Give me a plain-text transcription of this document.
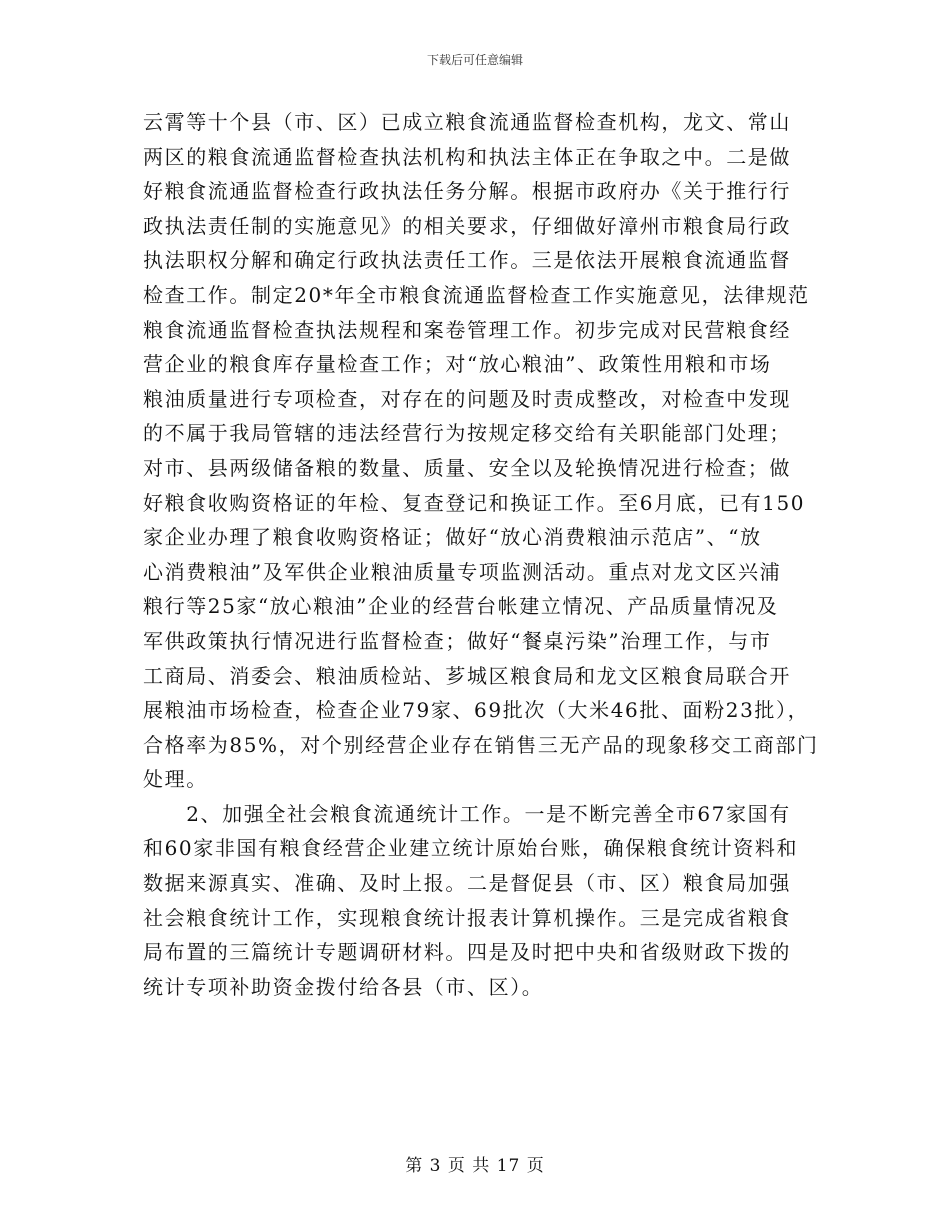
下载后可任意编辑
云霄等十个县（市、区）已成立粮食流通监督检查机构，龙文、常山
两区的粮食流通监督检查执法机构和执法主体正在争取之中。二是做
好粮食流通监督检查行政执法任务分解。根据市政府办《关于推行行
政执法责任制的实施意见》的相关要求，仔细做好漳州市粮食局行政
执法职权分解和确定行政执法责任工作。三是依法开展粮食流通监督
检查工作。制定20*年全市粮食流通监督检查工作实施意见，法律规范
粮食流通监督检查执法规程和案卷管理工作。初步完成对民营粮食经
营企业的粮食库存量检查工作；对“放心粮油”、政策性用粮和市场
粮油质量进行专项检查，对存在的问题及时责成整改，对检查中发现
的不属于我局管辖的违法经营行为按规定移交给有关职能部门处理；
对市、县两级储备粮的数量、质量、安全以及轮换情况进行检查；做
好粮食收购资格证的年检、复查登记和换证工作。至6月底，已有150
家企业办理了粮食收购资格证；做好“放心消费粮油示范店”、“放
心消费粮油”及军供企业粮油质量专项监测活动。重点对龙文区兴浦
粮行等25家“放心粮油”企业的经营台帐建立情况、产品质量情况及
军供政策执行情况进行监督检查；做好“餐桌污染”治理工作，与市
工商局、消委会、粮油质检站、芗城区粮食局和龙文区粮食局联合开
展粮油市场检查，检查企业79家、69批次（大米46批、面粉23批），
合格率为85%，对个别经营企业存在销售三无产品的现象移交工商部门
处理。
　　2、加强全社会粮食流通统计工作。一是不断完善全市67家国有
和60家非国有粮食经营企业建立统计原始台账，确保粮食统计资料和
数据来源真实、准确、及时上报。二是督促县（市、区）粮食局加强
社会粮食统计工作，实现粮食统计报表计算机操作。三是完成省粮食
局布置的三篇统计专题调研材料。四是及时把中央和省级财政下拨的
统计专项补助资金拨付给各县（市、区）。
第 3 页 共 17 页
